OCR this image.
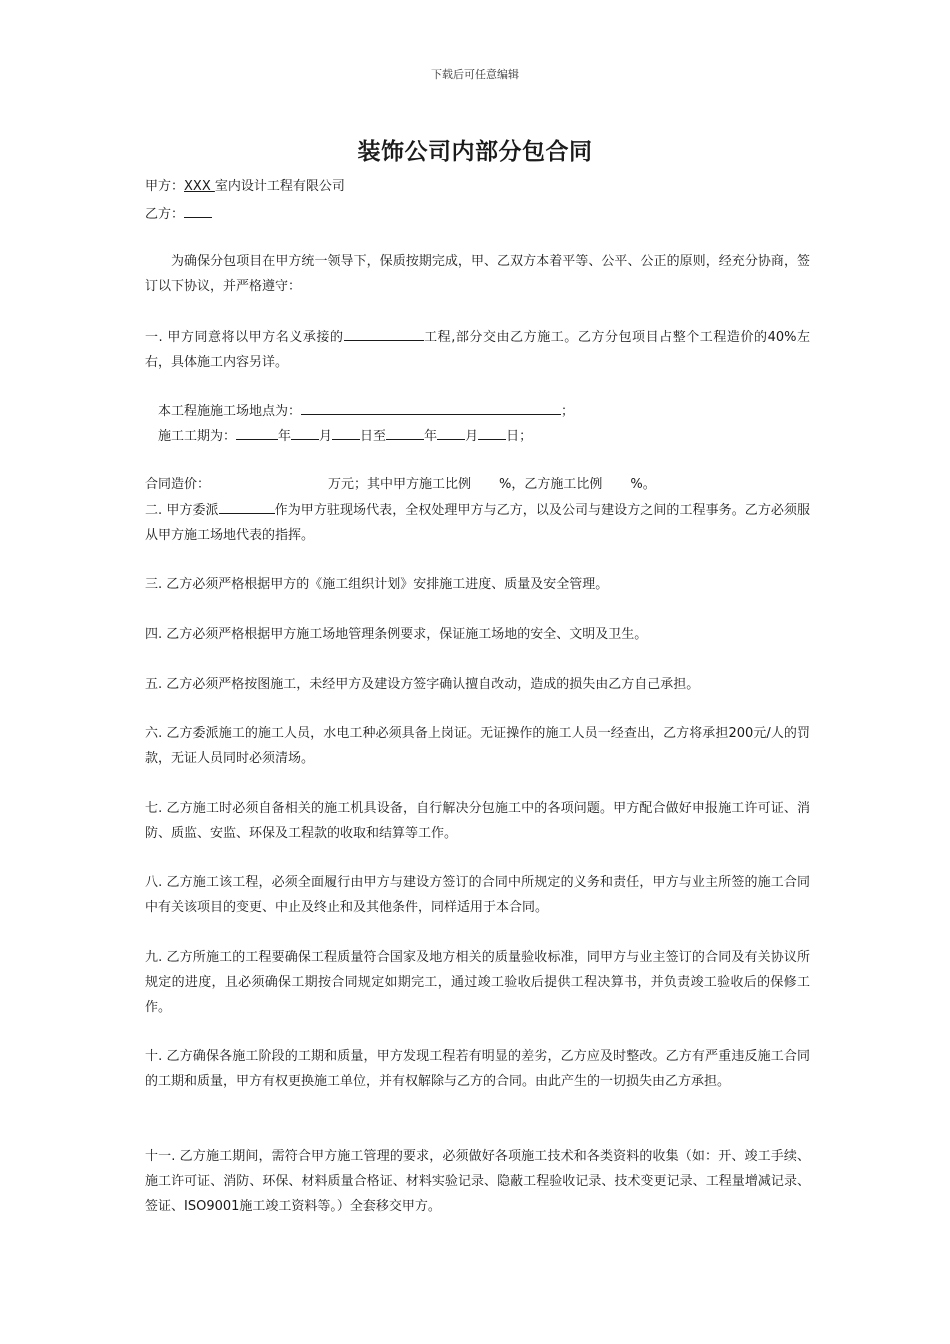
下载后可任意编辑
装饰公司内部分包合同
甲方：XXX 室内设计工程有限公司
乙方：
为确保分包项目在甲方统一领导下，保质按期完成，甲、乙双方本着平等、公平、公正的原则，经充分协商，签订以下协议，并严格遵守：
一. 甲方同意将以甲方名义承接的	工程,部分交由乙方施工。乙方分包项目占整个工程造价的40%左右，具体施工内容另详。
本工程施施工场地点为：	；
施工工期为：	年 月 日至	年 月 日；
合同造价：	万元；其中甲方施工比例 %，乙方施工比例 %。
二. 甲方委派	作为甲方驻现场代表，全权处理甲方与乙方，以及公司与建设方之间的工程事务。乙方必须服从甲方施工场地代表的指挥。
三. 乙方必须严格根据甲方的《施工组织计划》安排施工进度、质量及安全管理。
四. 乙方必须严格根据甲方施工场地管理条例要求，保证施工场地的安全、文明及卫生。
五. 乙方必须严格按图施工，未经甲方及建设方签字确认擅自改动，造成的损失由乙方自己承担。
六. 乙方委派施工的施工人员，水电工种必须具备上岗证。无证操作的施工人员一经查出，乙方将承担200元/人的罚款，无证人员同时必须清场。
七. 乙方施工时必须自备相关的施工机具设备，自行解决分包施工中的各项问题。甲方配合做好申报施工许可证、消防、质监、安监、环保及工程款的收取和结算等工作。
八. 乙方施工该工程，必须全面履行由甲方与建设方签订的合同中所规定的义务和责任，甲方与业主所签的施工合同中有关该项目的变更、中止及终止和及其他条件，同样适用于本合同。
九. 乙方所施工的工程要确保工程质量符合国家及地方相关的质量验收标准，同甲方与业主签订的合同及有关协议所规定的进度，且必须确保工期按合同规定如期完工，通过竣工验收后提供工程决算书，并负责竣工验收后的保修工作。
十. 乙方确保各施工阶段的工期和质量，甲方发现工程若有明显的差劣，乙方应及时整改。乙方有严重违反施工合同的工期和质量，甲方有权更换施工单位，并有权解除与乙方的合同。由此产生的一切损失由乙方承担。
十一. 乙方施工期间，需符合甲方施工管理的要求，必须做好各项施工技术和各类资料的收集（如：开、竣工手续、施工许可证、消防、环保、材料质量合格证、材料实验记录、隐蔽工程验收记录、技术变更记录、工程量增减记录、签证、ISO9001施工竣工资料等。）全套移交甲方。
